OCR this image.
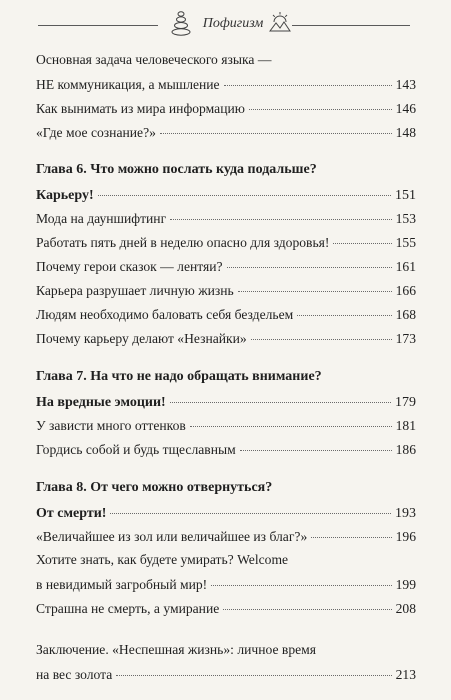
Пофигизм
Основная задача человеческого языка —
НЕ коммуникация, а мышление	143
Как вынимать из мира информацию	146
«Где мое сознание?»	148
Глава 6. Что можно послать куда подальше?
Карьеру!	151
Мода на дауншифтинг	153
Работать пять дней в неделю опасно для здоровья!	155
Почему герои сказок — лентяи?	161
Карьера разрушает личную жизнь	166
Людям необходимо баловать себя бездельем	168
Почему карьеру делают «Незнайки»	173
Глава 7. На что не надо обращать внимание?
На вредные эмоции!	179
У зависти много оттенков	181
Гордись собой и будь тщеславным	186
Глава 8. От чего можно отвернуться?
От смерти!	193
«Величайшее из зол или величайшее из благ?»	196
Хотите знать, как будете умирать? Welcome
в невидимый загробный мир!	199
Страшна не смерть, а умирание	208
Заключение. «Неспешная жизнь»: личное время
на вес золота	213
